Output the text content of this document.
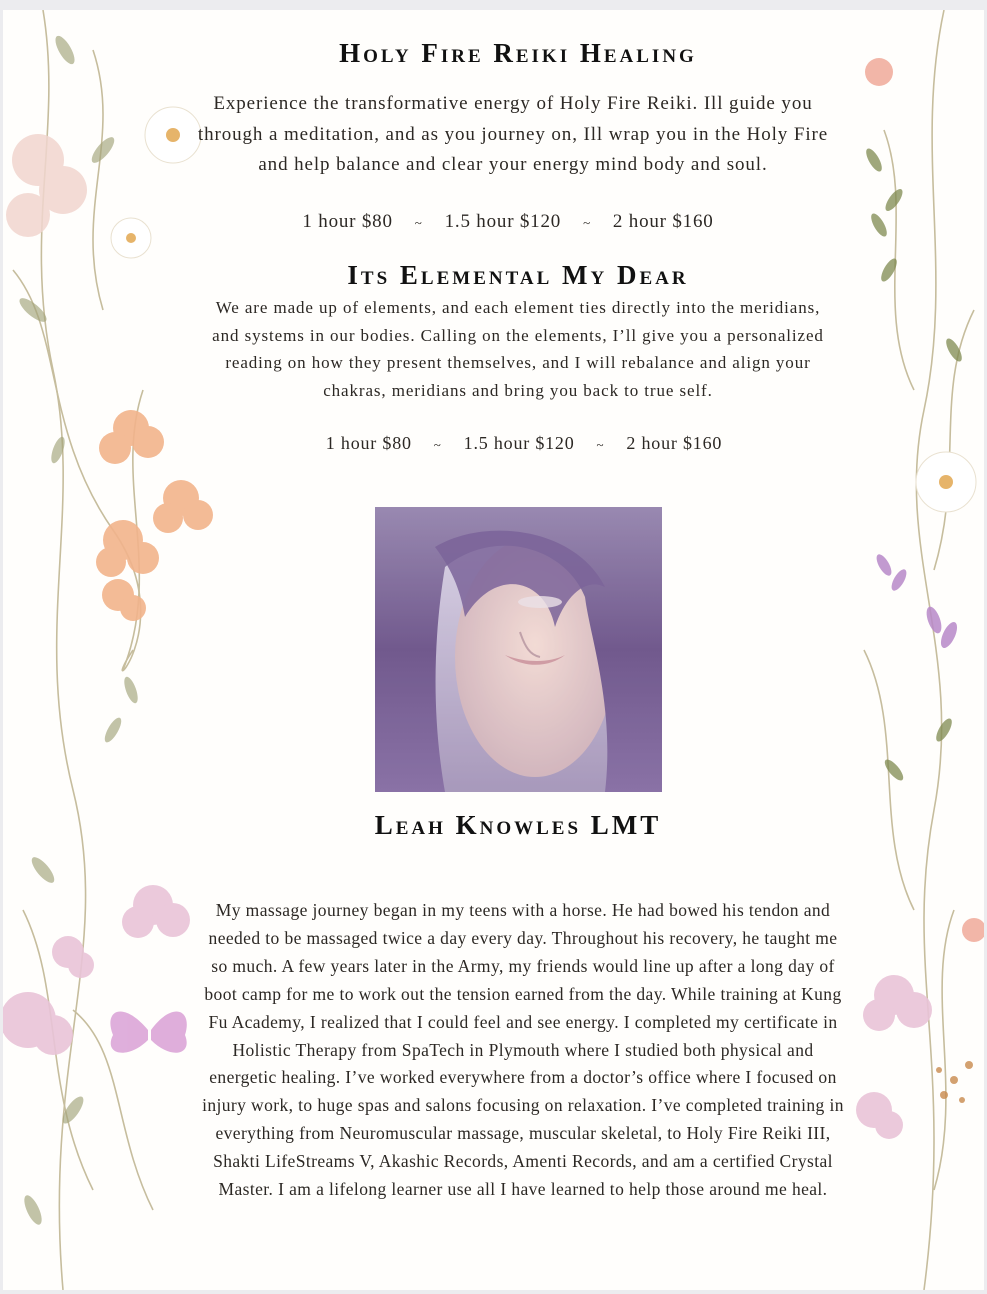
Holy Fire Reiki Healing

Experience the transformative energy of Holy Fire Reiki. Ill guide you through a meditation, and as you journey on, Ill wrap you in the Holy Fire and help balance and clear your energy mind body and soul.

1 hour $80 ~ 1.5 hour $120 ~ 2 hour $160
Its Elemental My Dear

We are made up of elements, and each element ties directly into the meridians, and systems in our bodies. Calling on the elements, I’ll give you a personalized reading on how they present themselves, and I will rebalance and align your chakras, meridians and bring you back to true self.

1 hour $80 ~ 1.5 hour $120 ~ 2 hour $160
Leah Knowles LMT

My massage journey began in my teens with a horse. He had bowed his tendon and needed to be massaged twice a day every day. Throughout his recovery, he taught me so much. A few years later in the Army, my friends would line up after a long day of boot camp for me to work out the tension earned from the day. While training at Kung Fu Academy, I realized that I could feel and see energy. I completed my certificate in Holistic Therapy from SpaTech in Plymouth where I studied both physical and energetic healing. I’ve worked everywhere from a doctor’s office where I focused on injury work, to huge spas and salons focusing on relaxation. I’ve completed training in everything from Neuromuscular massage, muscular skeletal, to Holy Fire Reiki III, Shakti LifeStreams V, Akashic Records, Amenti Records, and am a certified Crystal Master. I am a lifelong learner use all I have learned to help those around me heal.
